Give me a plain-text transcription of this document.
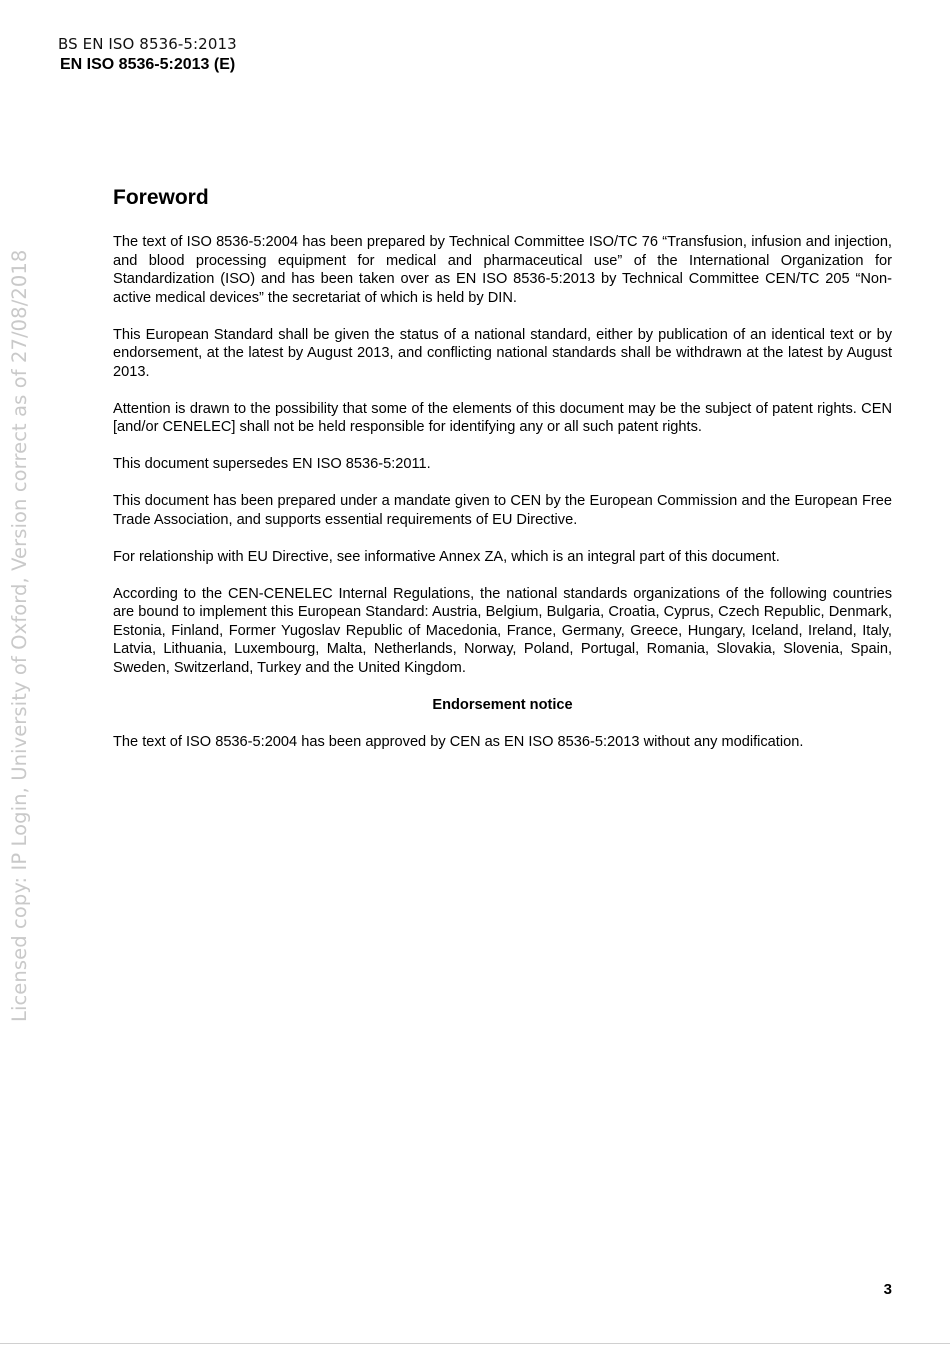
BS EN ISO 8536-5:2013
EN ISO 8536-5:2013 (E)
Licensed copy: IP Login, University of Oxford, Version correct as of 27/08/2018
Foreword

The text of ISO 8536-5:2004 has been prepared by Technical Committee ISO/TC 76 “Transfusion, infusion and injection, and blood processing equipment for medical and pharmaceutical use” of the International Organization for Standardization (ISO) and has been taken over as EN ISO 8536-5:2013 by Technical Committee CEN/TC 205 “Non-active medical devices” the secretariat of which is held by DIN.

This European Standard shall be given the status of a national standard, either by publication of an identical text or by endorsement, at the latest by August 2013, and conflicting national standards shall be withdrawn at the latest by August 2013.

Attention is drawn to the possibility that some of the elements of this document may be the subject of patent rights. CEN [and/or CENELEC] shall not be held responsible for identifying any or all such patent rights.

This document supersedes EN ISO 8536-5:2011.

This document has been prepared under a mandate given to CEN by the European Commission and the European Free Trade Association, and supports essential requirements of EU Directive.

For relationship with EU Directive, see informative Annex ZA, which is an integral part of this document.

According to the CEN-CENELEC Internal Regulations, the national standards organizations of the following countries are bound to implement this European Standard: Austria, Belgium, Bulgaria, Croatia, Cyprus, Czech Republic, Denmark, Estonia, Finland, Former Yugoslav Republic of Macedonia, France, Germany, Greece, Hungary, Iceland, Ireland, Italy, Latvia, Lithuania, Luxembourg, Malta, Netherlands, Norway, Poland, Portugal, Romania, Slovakia, Slovenia, Spain, Sweden, Switzerland, Turkey and the United Kingdom.

Endorsement notice

The text of ISO 8536-5:2004 has been approved by CEN as EN ISO 8536-5:2013 without any modification.

3
